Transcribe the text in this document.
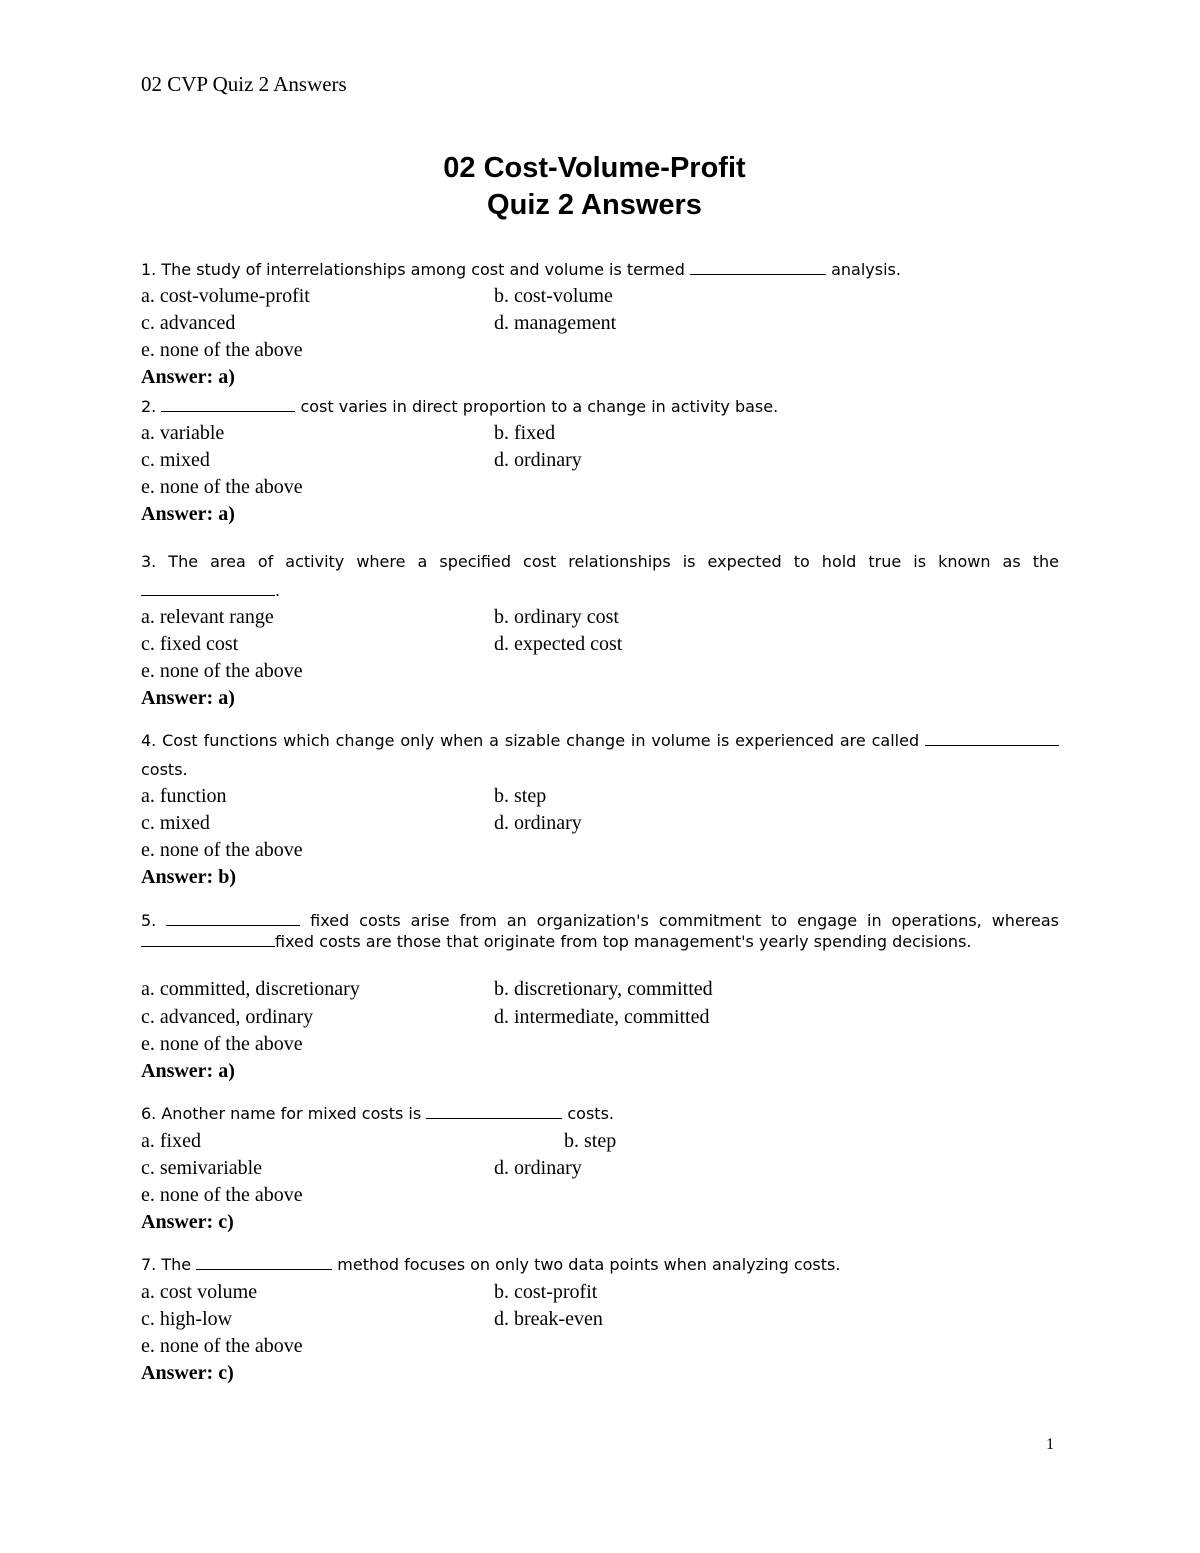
02 CVP Quiz 2 Answers
02 Cost-Volume-Profit
Quiz 2 Answers
1. The study of interrelationships among cost and volume is termed	analysis.
a. cost-volume-profit	b. cost-volume
c. advanced	d. management
e. none of the above
Answer: a)
2.	cost varies in direct proportion to a change in activity base.
a. variable	b. fixed
c. mixed	d. ordinary
e. none of the above
Answer: a)
3. The area of activity where a specified cost relationships is expected to hold true is known as the .
a. relevant range	b. ordinary cost
c. fixed cost	d. expected cost
e. none of the above
Answer: a)
4. Cost functions which change only when a sizable change in volume is experienced are called  costs.
a. function	b. step
c. mixed	d. ordinary
e. none of the above
Answer: b)
5.	fixed costs arise from an organization's commitment to engage in operations, whereas fixed costs are those that originate from top management's yearly spending decisions.
a. committed, discretionary	b. discretionary, committed
c. advanced, ordinary	d. intermediate, committed
e. none of the above
Answer: a)
6. Another name for mixed costs is	costs.
a. fixed	b. step
c. semivariable	d. ordinary
e. none of the above
Answer: c)
7. The	method focuses on only two data points when analyzing costs.
a. cost volume	b. cost-profit
c. high-low	d. break-even
e. none of the above
Answer: c)
1
